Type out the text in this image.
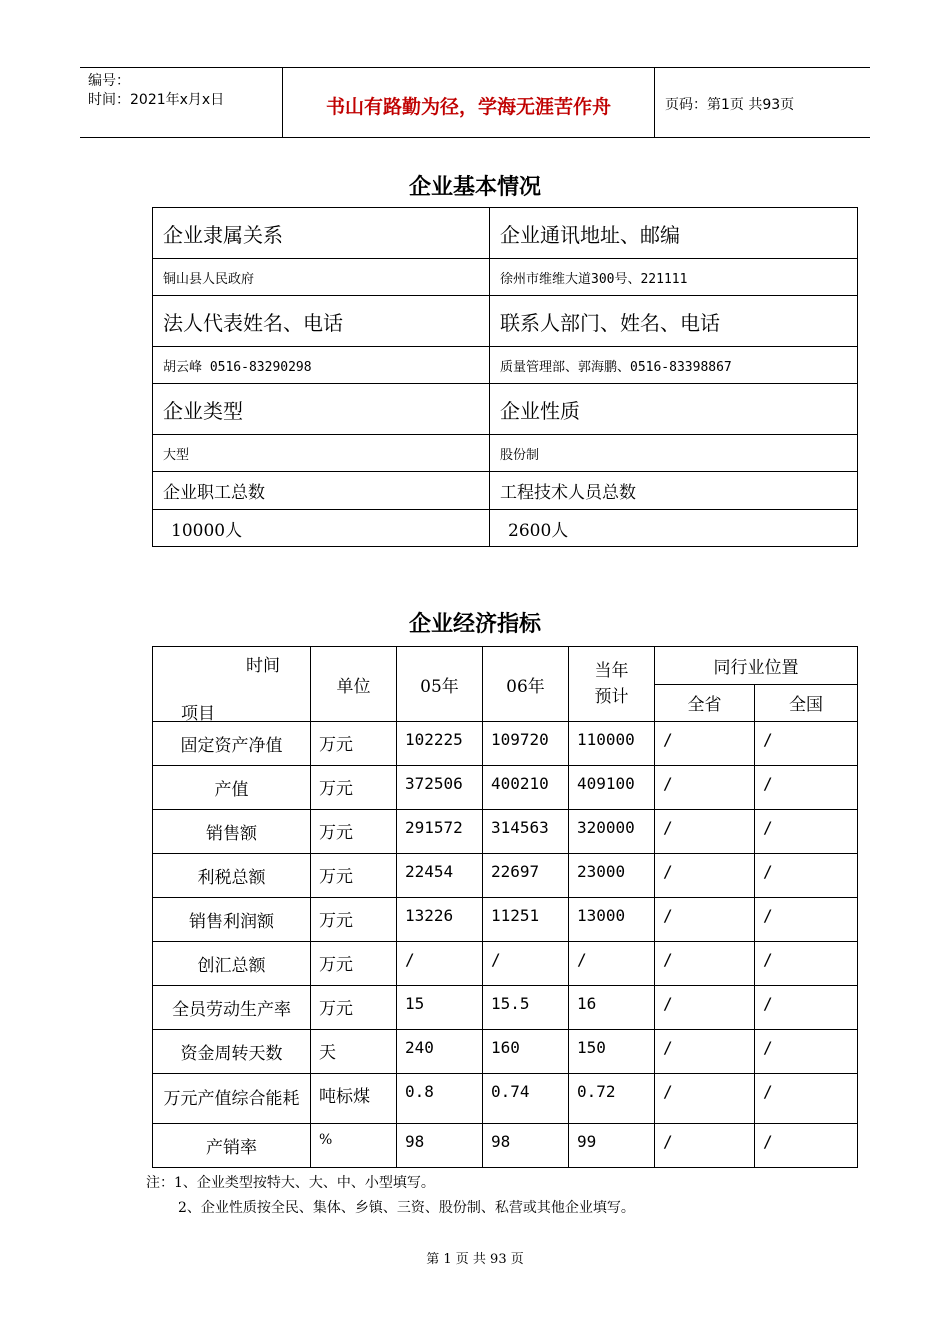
编号：
时间：2021年x月x日	书山有路勤为径，学海无涯苦作舟	页码：第1页 共93页
企业基本情况
企业隶属关系	企业通讯地址、邮编
铜山县人民政府	徐州市维维大道300号、221111
法人代表姓名、电话	联系人部门、姓名、电话
胡云峰 0516-83290298	质量管理部、郭海鹏、0516-83398867
企业类型	企业性质
大型	股份制
企业职工总数	工程技术人员总数
10000人	2600人
企业经济指标
时间
项目	单位	05年	06年	当年预计	同行业位置	
					全省	全国
固定资产净值	万元	102225	109720	110000	/	/
产值	万元	372506	400210	409100	/	/
销售额	万元	291572	314563	320000	/	/
利税总额	万元	22454	22697	23000	/	/
销售利润额	万元	13226	11251	13000	/	/
创汇总额	万元	/	/	/	/	/
全员劳动生产率	万元	15	15.5	16	/	/
资金周转天数	天	240	160	150	/	/
万元产值综合能耗	吨标煤	0.8	0.74	0.72	/	/
产销率	%	98	98	99	/	/
注：1、企业类型按特大、大、中、小型填写。
2、企业性质按全民、集体、乡镇、三资、股份制、私营或其他企业填写。
第 1 页 共 93 页
